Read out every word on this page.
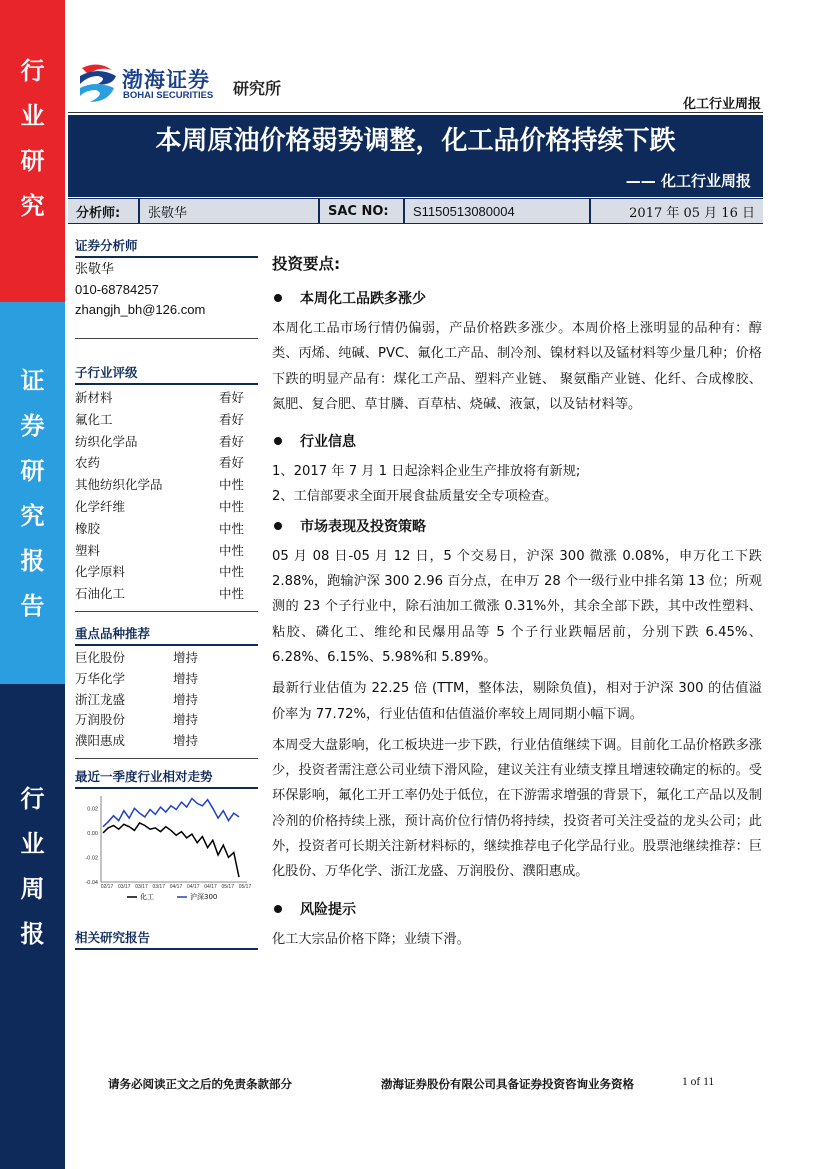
行
业
研
究
证
券
研
究
报
告
行
业
周
报
渤海证券
BOHAI SECURITIES 研究所
化工行业周报
本周原油价格弱势调整，化工品价格持续下跌
—— 化工行业周报
分析师: 张敬华	SAC NO: S1150513080004	2017 年 05 月 16 日
证券分析师
张敬华
010-68784257
zhangjh_bh@126.com
子行业评级
新材料	看好
氟化工	看好
纺织化学品	看好
农药	看好
其他纺织化学品	中性
化学纤维	中性
橡胶	中性
塑料	中性
化学原料	中性
石油化工	中性
重点品种推荐
巨化股份	增持
万华化学	增持
浙江龙盛	增持
万润股份	增持
濮阳惠成	增持
最近一季度行业相对走势
0.02
0.00
-0.02
-0.04
02/17 03/17 03/17 03/17 04/17 04/17 04/17 05/17 05/17
化工	沪深300
相关研究报告
投资要点:
本周化工品跌多涨少

本周化工品市场行情仍偏弱，产品价格跌多涨少。本周价格上涨明显的品种有：醇类、丙烯、纯碱、PVC、氟化工产品、制冷剂、镍材料以及锰材料等少量几种；价格下跌的明显产品有：煤化工产品、塑料产业链、 聚氨酯产业链、化纤、合成橡胶、氮肥、复合肥、草甘膦、百草枯、烧碱、液氯，以及钴材料等。

行业信息

1、2017 年 7 月 1 日起涂料企业生产排放将有新规;

2、工信部要求全面开展食盐质量安全专项检查。

市场表现及投资策略

05 月 08 日-05 月 12 日，5 个交易日，沪深 300 微涨 0.08%，申万化工下跌 2.88%，跑输沪深 300 2.96 百分点，在申万 28 个一级行业中排名第 13 位；所观测的 23 个子行业中，除石油加工微涨 0.31%外，其余全部下跌，其中改性塑料、粘胶、磷化工、维纶和民爆用品等 5 个子行业跌幅居前，分别下跌 6.45%、6.28%、6.15%、5.98%和 5.89%。

最新行业估值为 22.25 倍 (TTM，整体法，剔除负值)，相对于沪深 300 的估值溢价率为 77.72%，行业估值和估值溢价率较上周同期小幅下调。

本周受大盘影响，化工板块进一步下跌，行业估值继续下调。目前化工品价格跌多涨少，投资者需注意公司业绩下滑风险，建议关注有业绩支撑且增速较确定的标的。受环保影响，氟化工开工率仍处于低位，在下游需求增强的背景下，氟化工产品以及制冷剂的价格持续上涨，预计高价位行情仍将持续，投资者可关注受益的龙头公司；此外，投资者可长期关注新材料标的，继续推荐电子化学品行业。股票池继续推荐：巨化股份、万华化学、浙江龙盛、万润股份、濮阳惠成。

风险提示

化工大宗品价格下降；业绩下滑。

请务必阅读正文之后的免责条款部分	渤海证券股份有限公司具备证券投资咨询业务资格	1 of 11
